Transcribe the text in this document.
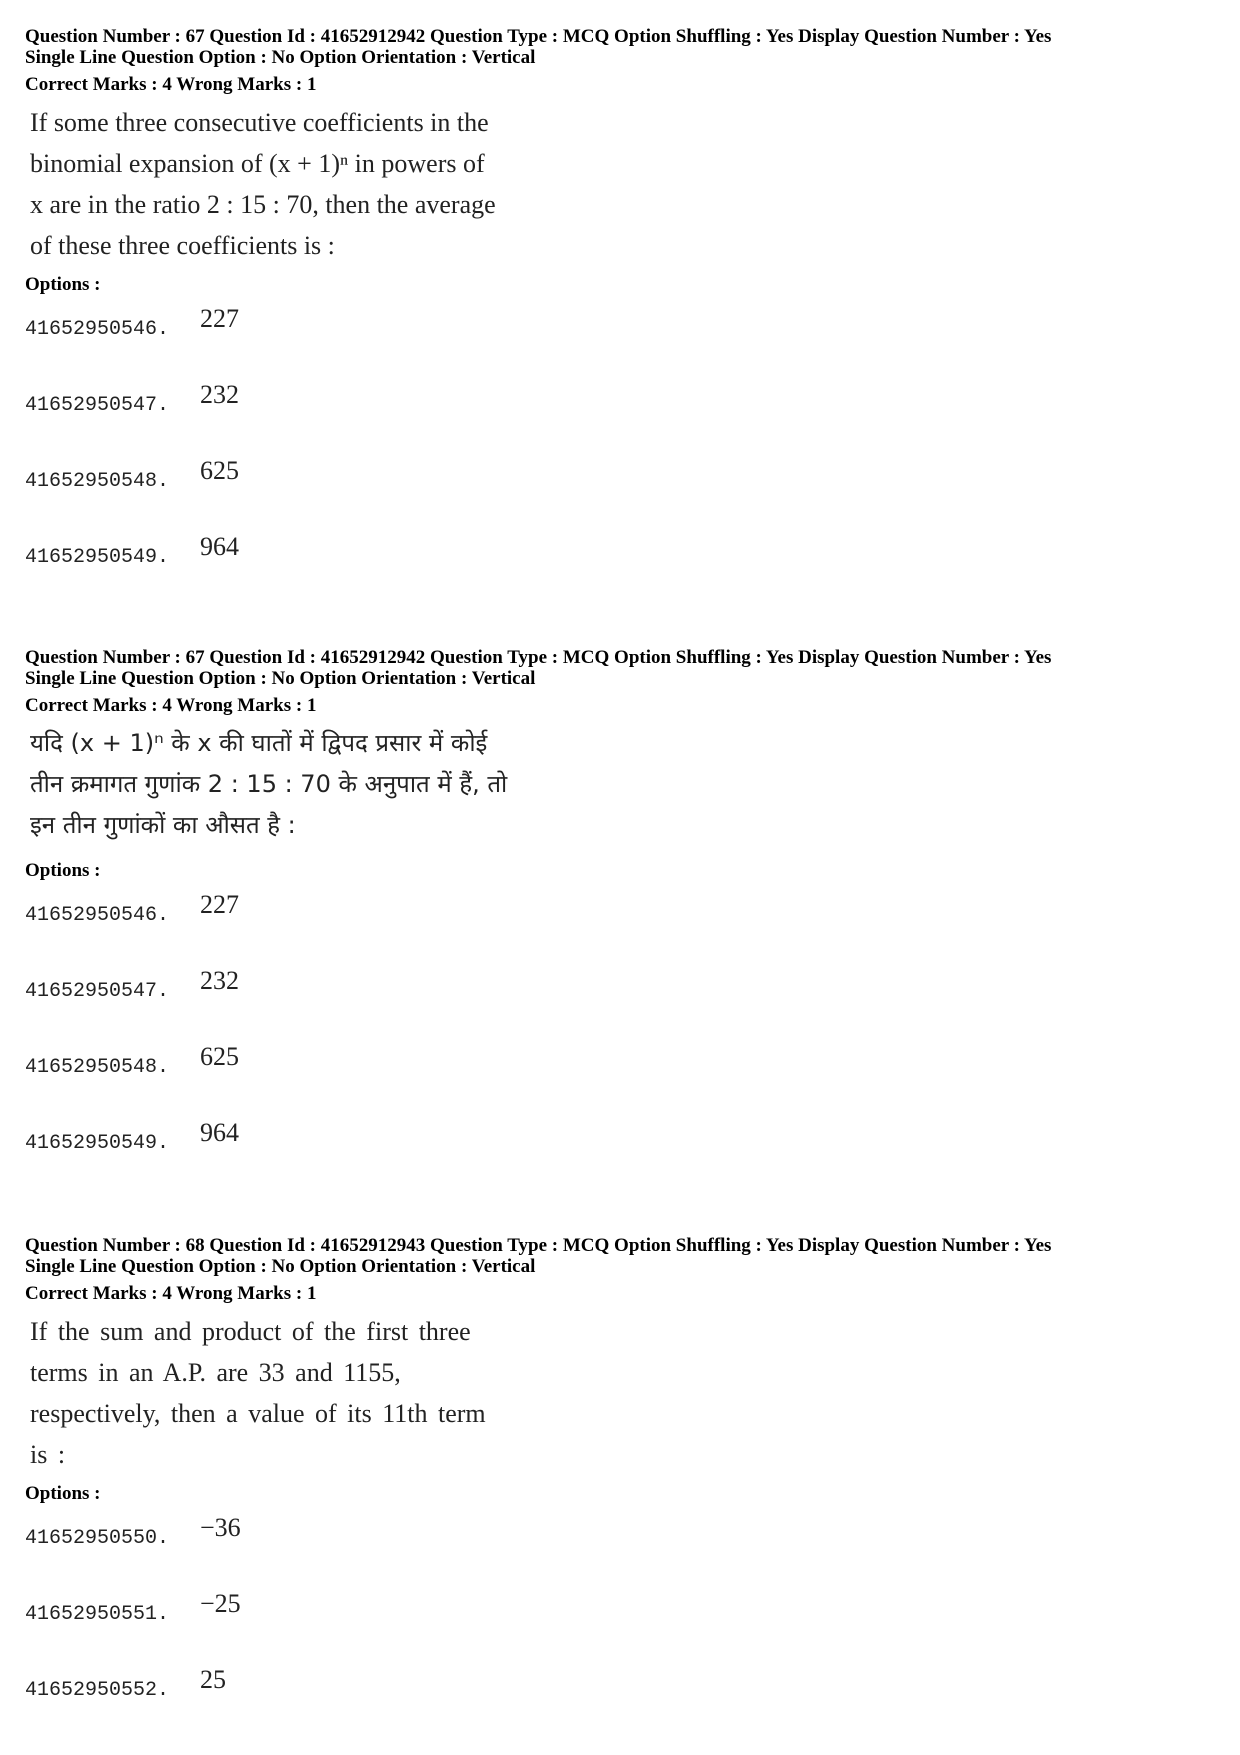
Question Number : 67 Question Id : 41652912942 Question Type : MCQ Option Shuffling : Yes Display Question Number : Yes
Single Line Question Option : No Option Orientation : Vertical
Correct Marks : 4 Wrong Marks : 1
If some three consecutive coefficients in the
binomial expansion of (x + 1)ⁿ in powers of
x are in the ratio 2 : 15 : 70, then the average
of these three coefficients is :
Options :
41652950546. 227
41652950547. 232
41652950548. 625
41652950549. 964
Question Number : 67 Question Id : 41652912942 Question Type : MCQ Option Shuffling : Yes Display Question Number : Yes
Single Line Question Option : No Option Orientation : Vertical
Correct Marks : 4 Wrong Marks : 1
यदि (x + 1)ⁿ के x की घातों में द्विपद प्रसार में कोई
तीन क्रमागत गुणांक 2 : 15 : 70 के अनुपात में हैं, तो
इन तीन गुणांकों का औसत है :
Options :
41652950546. 227
41652950547. 232
41652950548. 625
41652950549. 964
Question Number : 68 Question Id : 41652912943 Question Type : MCQ Option Shuffling : Yes Display Question Number : Yes
Single Line Question Option : No Option Orientation : Vertical
Correct Marks : 4 Wrong Marks : 1
If the sum and product of the first three
terms in an A.P. are 33 and 1155,
respectively, then a value of its 11th term
is :
Options :
41652950550. −36
41652950551. −25
41652950552. 25
